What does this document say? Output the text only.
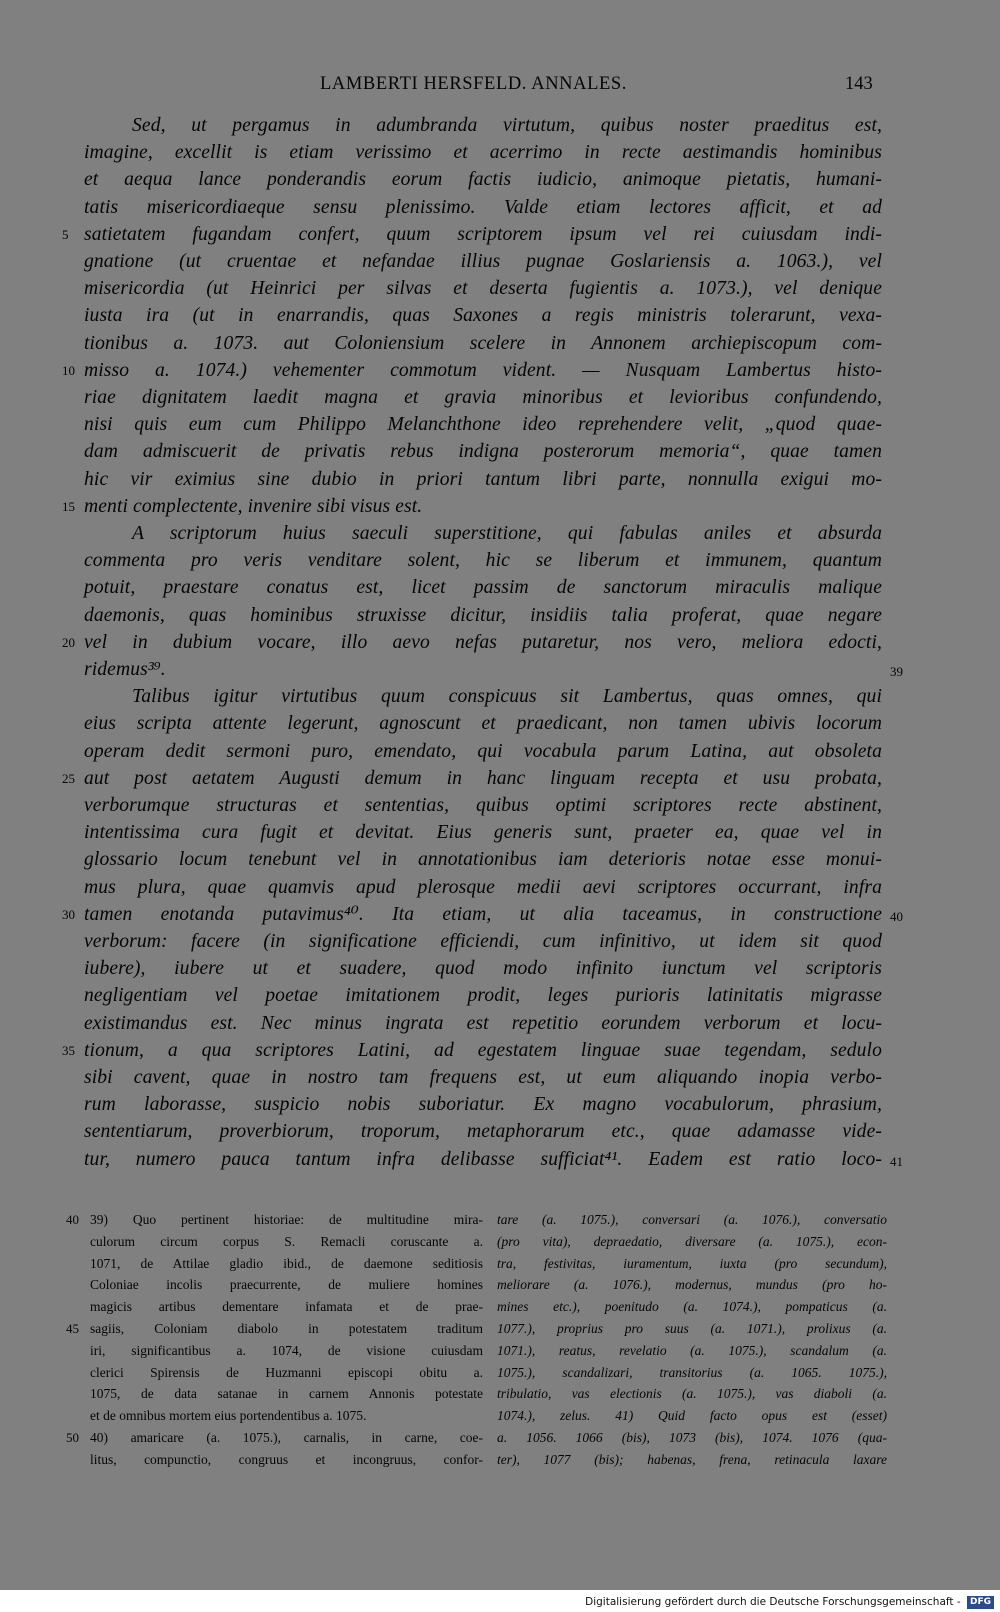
LAMBERTI HERSFELD. ANNALES.	143
Sed, ut pergamus in adumbranda virtutum, quibus noster praeditus est,
imagine, excellit is etiam verissimo et acerrimo in recte aestimandis hominibus
et aequa lance ponderandis eorum factis iudicio, animoque pietatis, humani-
tatis misericordiaeque sensu plenissimo. Valde etiam lectores afficit, et ad
satietatem fugandam confert, quum scriptorem ipsum vel rei cuiusdam indi-
gnatione (ut cruentae et nefandae illius pugnae Goslariensis a. 1063.), vel
misericordia (ut Heinrici per silvas et deserta fugientis a. 1073.), vel denique
iusta ira (ut in enarrandis, quas Saxones a regis ministris tolerarunt, vexa-
tionibus a. 1073. aut Coloniensium scelere in Annonem archiepiscopum com-
misso a. 1074.) vehementer commotum vident. — Nusquam Lambertus histo-
riae dignitatem laedit magna et gravia minoribus et levioribus confundendo,
nisi quis eum cum Philippo Melanchthone ideo reprehendere velit, „quod quae-
dam admiscuerit de privatis rebus indigna posterorum memoria“, quae tamen
hic vir eximius sine dubio in priori tantum libri parte, nonnulla exigui mo-
menti complectente, invenire sibi visus est.
A scriptorum huius saeculi superstitione, qui fabulas aniles et absurda
commenta pro veris venditare solent, hic se liberum et immunem, quantum
potuit, praestare conatus est, licet passim de sanctorum miraculis malique
daemonis, quas hominibus struxisse dicitur, insidiis talia proferat, quae negare
vel in dubium vocare, illo aevo nefas putaretur, nos vero, meliora edocti,
ridemus³⁹.
Talibus igitur virtutibus quum conspicuus sit Lambertus, quas omnes, qui
eius scripta attente legerunt, agnoscunt et praedicant, non tamen ubivis locorum
operam dedit sermoni puro, emendato, qui vocabula parum Latina, aut obsoleta
aut post aetatem Augusti demum in hanc linguam recepta et usu probata,
verborumque structuras et sententias, quibus optimi scriptores recte abstinent,
intentissima cura fugit et devitat. Eius generis sunt, praeter ea, quae vel in
glossario locum tenebunt vel in annotationibus iam deterioris notae esse monui-
mus plura, quae quamvis apud plerosque medii aevi scriptores occurrant, infra
tamen enotanda putavimus⁴⁰. Ita etiam, ut alia taceamus, in constructione
verborum: facere (in significatione efficiendi, cum infinitivo, ut idem sit quod
iubere), iubere ut et suadere, quod modo infinito iunctum vel scriptoris
negligentiam vel poetae imitationem prodit, leges purioris latinitatis migrasse
existimandus est. Nec minus ingrata est repetitio eorundem verborum et locu-
tionum, a qua scriptores Latini, ad egestatem linguae suae tegendam, sedulo
sibi cavent, quae in nostro tam frequens est, ut eum aliquando inopia verbo-
rum laborasse, suspicio nobis suboriatur. Ex magno vocabulorum, phrasium,
sententiarum, proverbiorum, troporum, metaphorarum etc., quae adamasse vide-
tur, numero pauca tantum infra delibasse sufficiat⁴¹. Eadem est ratio loco-
5
10
15
20
25
30
35
39
40
41
39) Quo pertinent historiae: de multitudine mira-
culorum circum corpus S. Remacli coruscante a.
1071, de Attilae gladio ibid., de daemone seditiosis
Coloniae incolis praecurrente, de muliere homines
magicis artibus dementare infamata et de prae-
sagiis, Coloniam diabolo in potestatem traditum
iri, significantibus a. 1074, de visione cuiusdam
clerici Spirensis de Huzmanni episcopi obitu a.
1075, de data satanae in carnem Annonis potestate
et de omnibus mortem eius portendentibus a. 1075.
40) amaricare (a. 1075.), carnalis, in carne, coe-
litus, compunctio, congruus et incongruus, confor-
tare (a. 1075.), conversari (a. 1076.), conversatio
(pro vita), depraedatio, diversare (a. 1075.), econ-
tra, festivitas, iuramentum, iuxta (pro secundum),
meliorare (a. 1076.), modernus, mundus (pro ho-
mines etc.), poenitudo (a. 1074.), pompaticus (a.
1077.), proprius pro suus (a. 1071.), prolixus (a.
1071.), reatus, revelatio (a. 1075.), scandalum (a.
1075.), scandalizari, transitorius (a. 1065. 1075.),
tribulatio, vas electionis (a. 1075.), vas diaboli (a.
1074.), zelus. 41) Quid facto opus est (esset)
a. 1056. 1066 (bis), 1073 (bis), 1074. 1076 (qua-
ter), 1077 (bis); habenas, frena, retinacula laxare
40
45
50
Digitalisierung gefördert durch die Deutsche Forschungsgemeinschaft - DFG
